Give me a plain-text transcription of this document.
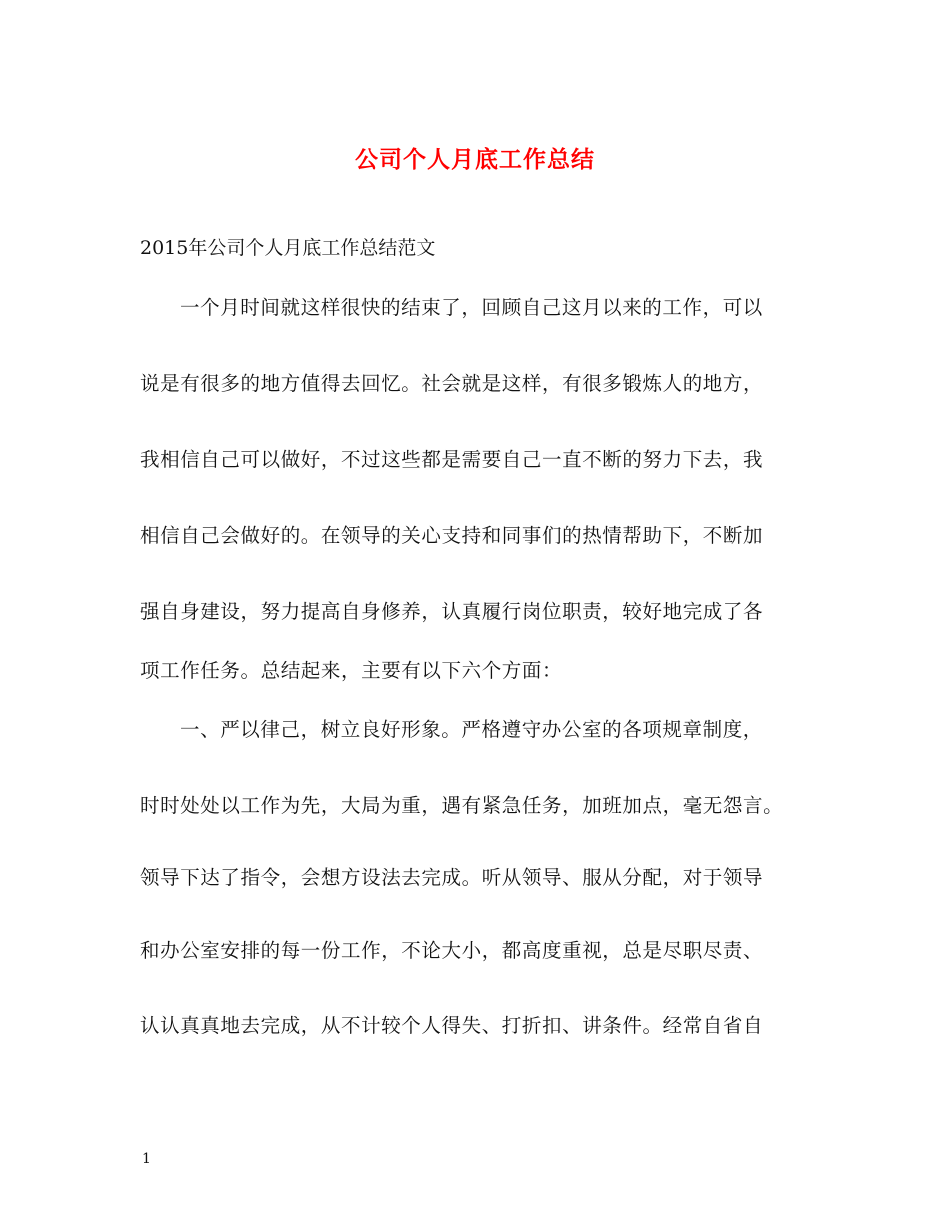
公司个人月底工作总结
2015年公司个人月底工作总结范文
一个月时间就这样很快的结束了，回顾自己这月以来的工作，可以
说是有很多的地方值得去回忆。社会就是这样，有很多锻炼人的地方，
我相信自己可以做好，不过这些都是需要自己一直不断的努力下去，我
相信自己会做好的。在领导的关心支持和同事们的热情帮助下，不断加
强自身建设，努力提高自身修养，认真履行岗位职责，较好地完成了各
项工作任务。总结起来，主要有以下六个方面：
一、严以律己，树立良好形象。严格遵守办公室的各项规章制度，
时时处处以工作为先，大局为重，遇有紧急任务，加班加点，毫无怨言。
领导下达了指令，会想方设法去完成。听从领导、服从分配，对于领导
和办公室安排的每一份工作，不论大小，都高度重视，总是尽职尽责、
认认真真地去完成，从不计较个人得失、打折扣、讲条件。经常自省自
1
